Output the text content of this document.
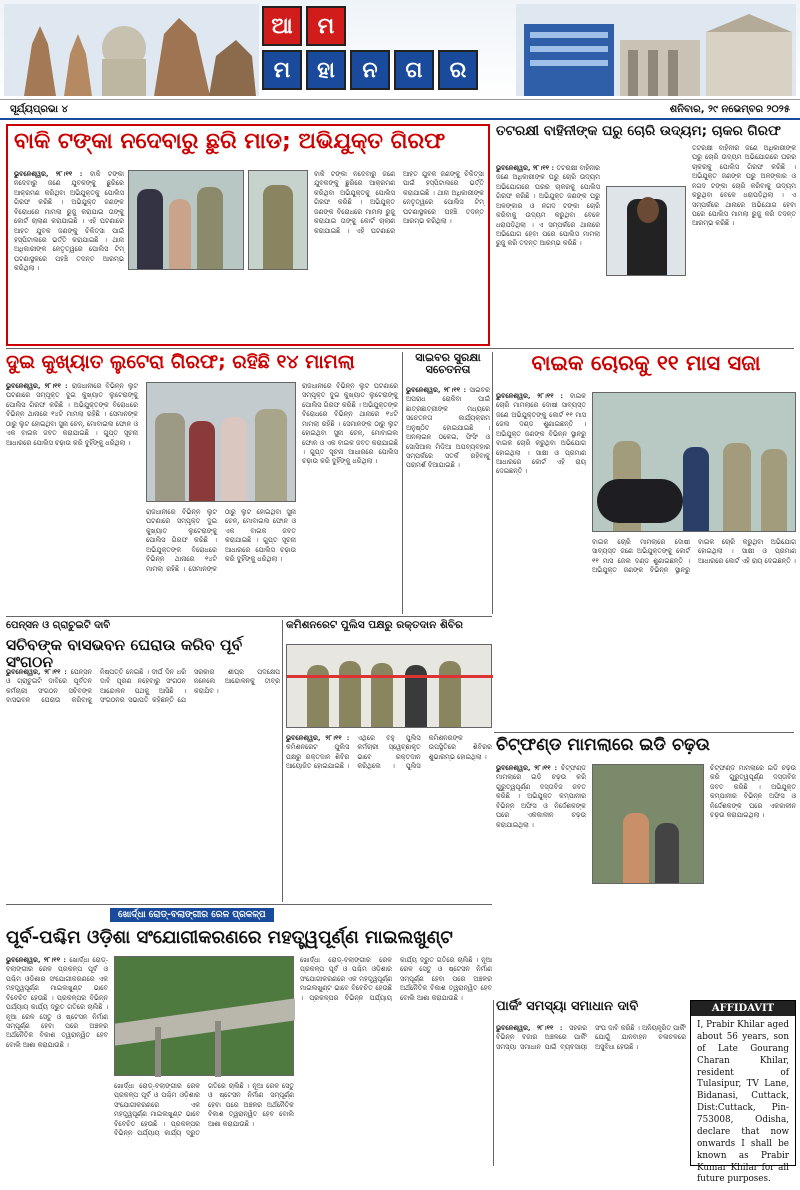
ଆ	ମ
ମ	ହା	ନ	ଗ	ର
ସୂର୍ଯ୍ୟପ୍ରଭା ୪	ଶନିବାର, ୨୯ ନଭେମ୍ବର ୨୦୨୫
ବାକି ଟଙ୍କା ନଦେବାରୁ ଛୁରି ମାଡ; ଅଭିଯୁକ୍ତ ଗିରଫ
ଭୁବନେଶ୍ୱର, ୨୮।୧୧ : ବାକି ଟଙ୍କା ନଦେବାରୁ ଜଣେ ଯୁବକଙ୍କୁ ଛୁରିରେ ଆକ୍ରମଣ କରିଥିବା ଅଭିଯୁକ୍ତକୁ ପୋଲିସ ଗିରଫ କରିଛି । ଅଭିଯୁକ୍ତ ଜଣଙ୍କ ବିରୋଧରେ ମାମଲା ରୁଜୁ କରାଯାଇ ତାଙ୍କୁ କୋର୍ଟ ଚାଲାଣ କରାଯାଇଛି । ଏହି ଘଟଣାରେ ଆହତ ଯୁବକ ଜଣଙ୍କୁ ଚିକିତ୍ସା ପାଇଁ ହସ୍ପିଟାଲରେ ଭର୍ତ୍ତି କରାଯାଇଛି । ଥାନା ଅଧିକାରୀଙ୍କ ନେତୃତ୍ୱରେ ପୋଲିସ ଟିମ୍ ଘଟଣାସ୍ଥଳରେ ପହଞ୍ଚି ତଦନ୍ତ ଆରମ୍ଭ କରିଥିଲା ।
ବାକି ଟଙ୍କା ନଦେବାରୁ ଜଣେ ଯୁବକଙ୍କୁ ଛୁରିରେ ଆକ୍ରମଣ କରିଥିବା ଅଭିଯୁକ୍ତକୁ ପୋଲିସ ଗିରଫ କରିଛି । ଅଭିଯୁକ୍ତ ଜଣଙ୍କ ବିରୋଧରେ ମାମଲା ରୁଜୁ କରାଯାଇ ତାଙ୍କୁ କୋର୍ଟ ଚାଲାଣ କରାଯାଇଛି । ଏହି ଘଟଣାରେ ଆହତ ଯୁବକ ଜଣଙ୍କୁ ଚିକିତ୍ସା ପାଇଁ ହସ୍ପିଟାଲରେ ଭର୍ତ୍ତି କରାଯାଇଛି । ଥାନା ଅଧିକାରୀଙ୍କ ନେତୃତ୍ୱରେ ପୋଲିସ ଟିମ୍ ଘଟଣାସ୍ଥଳରେ ପହଞ୍ଚି ତଦନ୍ତ ଆରମ୍ଭ କରିଥିଲା ।
ତଟରକ୍ଷୀ ବାହିନୀଙ୍କ ଘରୁ ଚୋରି ଉଦ୍ୟମ; ଚାକର ଗିରଫ
ଭୁବନେଶ୍ୱର, ୨୮।୧୧ : ତଟରକ୍ଷୀ ବାହିନୀର ଜଣେ ଅଧିକାରୀଙ୍କ ଘରୁ ଚୋରି ଉଦ୍ୟମ ଅଭିଯୋଗରେ ଘରର ଚାକରକୁ ପୋଲିସ ଗିରଫ କରିଛି । ଅଭିଯୁକ୍ତ ଜଣଙ୍କ ଘରୁ ଅଳଙ୍କାର ଓ ନଗଦ ଟଙ୍କା ଚୋରି କରିବାକୁ ଉଦ୍ୟମ କରୁଥିବା ବେଳେ ଧରାପଡ଼ିଥିଲା । ଏ ସମ୍ପର୍କରେ ଥାନାରେ ଅଭିଯୋଗ ହେବା ପରେ ପୋଲିସ ମାମଲା ରୁଜୁ କରି ତଦନ୍ତ ଆରମ୍ଭ କରିଛି ।
ତଟରକ୍ଷୀ ବାହିନୀର ଜଣେ ଅଧିକାରୀଙ୍କ ଘରୁ ଚୋରି ଉଦ୍ୟମ ଅଭିଯୋଗରେ ଘରର ଚାକରକୁ ପୋଲିସ ଗିରଫ କରିଛି । ଅଭିଯୁକ୍ତ ଜଣଙ୍କ ଘରୁ ଅଳଙ୍କାର ଓ ନଗଦ ଟଙ୍କା ଚୋରି କରିବାକୁ ଉଦ୍ୟମ କରୁଥିବା ବେଳେ ଧରାପଡ଼ିଥିଲା । ଏ ସମ୍ପର୍କରେ ଥାନାରେ ଅଭିଯୋଗ ହେବା ପରେ ପୋଲିସ ମାମଲା ରୁଜୁ କରି ତଦନ୍ତ ଆରମ୍ଭ କରିଛି ।
ଦୁଇ କୁଖ୍ୟାତ ଲୁଟେରା ଗିରଫ; ରହିଛି ୧୪ ମାମଲା
ଭୁବନେଶ୍ୱର, ୨୮।୧୧ : ରାଜଧାନୀରେ ବିଭିନ୍ନ ଲୁଟ ଘଟଣାରେ ସମ୍ପୃକ୍ତ ଦୁଇ କୁଖ୍ୟାତ ଲୁଟେରାଙ୍କୁ ପୋଲିସ ଗିରଫ କରିଛି । ଅଭିଯୁକ୍ତଙ୍କ ବିରୋଧରେ ବିଭିନ୍ନ ଥାନାରେ ୧୪ଟି ମାମଲା ରହିଛି । ସେମାନଙ୍କ ଠାରୁ ଲୁଟ ହୋଇଥିବା ସୁନା ଚେନ୍, ମୋବାଇଲ ଫୋନ ଓ ଏକ ବାଇକ ଜବତ କରାଯାଇଛି । ଗୁପ୍ତ ସୂଚନା ଆଧାରରେ ପୋଲିସ ଚଢ଼ାଉ କରି ଦୁହିଁଙ୍କୁ ଧରିଥିଲା ।
ରାଜଧାନୀରେ ବିଭିନ୍ନ ଲୁଟ ଘଟଣାରେ ସମ୍ପୃକ୍ତ ଦୁଇ କୁଖ୍ୟାତ ଲୁଟେରାଙ୍କୁ ପୋଲିସ ଗିରଫ କରିଛି । ଅଭିଯୁକ୍ତଙ୍କ ବିରୋଧରେ ବିଭିନ୍ନ ଥାନାରେ ୧୪ଟି ମାମଲା ରହିଛି । ସେମାନଙ୍କ ଠାରୁ ଲୁଟ ହୋଇଥିବା ସୁନା ଚେନ୍, ମୋବାଇଲ ଫୋନ ଓ ଏକ ବାଇକ ଜବତ କରାଯାଇଛି । ଗୁପ୍ତ ସୂଚନା ଆଧାରରେ ପୋଲିସ ଚଢ଼ାଉ କରି ଦୁହିଁଙ୍କୁ ଧରିଥିଲା ।
ରାଜଧାନୀରେ ବିଭିନ୍ନ ଲୁଟ ଘଟଣାରେ ସମ୍ପୃକ୍ତ ଦୁଇ କୁଖ୍ୟାତ ଲୁଟେରାଙ୍କୁ ପୋଲିସ ଗିରଫ କରିଛି । ଅଭିଯୁକ୍ତଙ୍କ ବିରୋଧରେ ବିଭିନ୍ନ ଥାନାରେ ୧୪ଟି ମାମଲା ରହିଛି । ସେମାନଙ୍କ ଠାରୁ ଲୁଟ ହୋଇଥିବା ସୁନା ଚେନ୍, ମୋବାଇଲ ଫୋନ ଓ ଏକ ବାଇକ ଜବତ କରାଯାଇଛି । ଗୁପ୍ତ ସୂଚନା ଆଧାରରେ ପୋଲିସ ଚଢ଼ାଉ କରି ଦୁହିଁଙ୍କୁ ଧରିଥିଲା ।
ସାଇବର ସୁରକ୍ଷା ସଚେତନତା
ଭୁବନେଶ୍ୱର, ୨୮।୧୧ : ସାଇବର ଅପରାଧ ରୋକିବା ପାଇଁ ଛାତ୍ରଛାତ୍ରୀଙ୍କ ମଧ୍ୟରେ ସଚେତନତା କାର୍ଯ୍ୟକ୍ରମ ଅନୁଷ୍ଠିତ ହୋଇଯାଇଛି । ଅନଲାଇନ ଠକେଇ, ଫିସିଂ ଓ ସୋସିଆଲ ମିଡିଆ ଅପବ୍ୟବହାର ସମ୍ପର୍କରେ ସତର୍କ ରହିବାକୁ ପରାମର୍ଶ ଦିଆଯାଇଛି ।
ବାଇକ ଚୋରକୁ ୧୧ ମାସ ସଜା
ଭୁବନେଶ୍ୱର, ୨୮।୧୧ : ବାଇକ ଚୋରି ମାମଲାରେ ଦୋଷୀ ସାବ୍ୟସ୍ତ ଜଣେ ଅଭିଯୁକ୍ତଙ୍କୁ କୋର୍ଟ ୧୧ ମାସ ଜେଲ ଦଣ୍ଡ ଶୁଣାଇଛନ୍ତି । ଅଭିଯୁକ୍ତ ଜଣଙ୍କ ବିଭିନ୍ନ ସ୍ଥାନରୁ ବାଇକ ଚୋରି କରୁଥିବା ଅଭିଯୋଗ ହୋଇଥିଲା । ସାକ୍ଷୀ ଓ ପ୍ରମାଣ ଆଧାରରେ କୋର୍ଟ ଏହି ରାୟ ଦେଇଛନ୍ତି ।
ବାଇକ ଚୋରି ମାମଲାରେ ଦୋଷୀ ସାବ୍ୟସ୍ତ ଜଣେ ଅଭିଯୁକ୍ତଙ୍କୁ କୋର୍ଟ ୧୧ ମାସ ଜେଲ ଦଣ୍ଡ ଶୁଣାଇଛନ୍ତି । ଅଭିଯୁକ୍ତ ଜଣଙ୍କ ବିଭିନ୍ନ ସ୍ଥାନରୁ ବାଇକ ଚୋରି କରୁଥିବା ଅଭିଯୋଗ ହୋଇଥିଲା । ସାକ୍ଷୀ ଓ ପ୍ରମାଣ ଆଧାରରେ କୋର୍ଟ ଏହି ରାୟ ଦେଇଛନ୍ତି ।
ପେନ୍ସନ ଓ ଗ୍ରାଚୁଇଟି ଦାବି
ସଚିବଙ୍କ ବାସଭବନ ଘେରାଉ କରିବ ପୂର୍ବ ସଂଗଠନ
ଭୁବନେଶ୍ୱର, ୨୮।୧୧ : ପେନ୍ସନ ଓ ଗ୍ରାଚୁଇଟି ଦାବିରେ ପୂର୍ବତନ କର୍ମଚାରୀ ସଂଗଠନ ସଚିବଙ୍କ ବାସଭବନ ଘେରାଉ କରିବାକୁ ନିଷ୍ପତ୍ତି ନେଇଛି । ଦୀର୍ଘ ଦିନ ଧରି ଦାବି ପୂରଣ ନହେବାରୁ ସଂଗଠନ ଆନ୍ଦୋଳନ ପଥକୁ ଆସିଛି । ସଂଗଠନର ସଭାପତି କହିଛନ୍ତି ଯେ ସରକାର ଶୀଘ୍ର ପଦକ୍ଷେପ ନନେଲେ ଆନ୍ଦୋଳନକୁ ତୀବ୍ର କରାଯିବ ।
କମିଶନରେଟ ପୁଲିସ ପକ୍ଷରୁ ରକ୍ତଦାନ ଶିବିର
ଭୁବନେଶ୍ୱର, ୨୮।୧୧ : କମିଶନରେଟ ପୁଲିସ ପକ୍ଷରୁ ରକ୍ତଦାନ ଶିବିର ଆୟୋଜିତ ହୋଇଯାଇଛି । ଏଥିରେ ବହୁ ପୁଲିସ କର୍ମଚାରୀ ସ୍ୱେଚ୍ଛାକୃତ ଭାବେ ରକ୍ତଦାନ କରିଥିଲେ । ପୁଲିସ କମିଶନରଙ୍କ ଉପସ୍ଥିତିରେ ଶିବିରର ଶୁଭାରମ୍ଭ ହୋଇଥିଲା ।
ଚିଟ୍‌ଫଣ୍ଡ ମାମଲାରେ ଇଡି ଚଢ଼ଉ
ଭୁବନେଶ୍ୱର, ୨୮।୧୧ : ଚିଟ୍‌ଫଣ୍ଡ ମାମଲାରେ ଇଡି ଚଢ଼ଉ କରି ଗୁରୁତ୍ୱପୂର୍ଣ୍ଣ ଦସ୍ତାବିଜ ଜବତ କରିଛି । ଅଭିଯୁକ୍ତ କମ୍ପାନୀର ବିଭିନ୍ନ ଅଫିସ ଓ ନିର୍ଦ୍ଦେଶକଙ୍କ ଘରେ ଏକକାଳୀନ ଚଢ଼ଉ କରାଯାଇଥିଲା ।
ଚିଟ୍‌ଫଣ୍ଡ ମାମଲାରେ ଇଡି ଚଢ଼ଉ କରି ଗୁରୁତ୍ୱପୂର୍ଣ୍ଣ ଦସ୍ତାବିଜ ଜବତ କରିଛି । ଅଭିଯୁକ୍ତ କମ୍ପାନୀର ବିଭିନ୍ନ ଅଫିସ ଓ ନିର୍ଦ୍ଦେଶକଙ୍କ ଘରେ ଏକକାଳୀନ ଚଢ଼ଉ କରାଯାଇଥିଲା ।
ଖୋର୍ଦ୍ଧା ରୋଡ୍-ବଲାଙ୍ଗୀର ରେଳ ପ୍ରକଳ୍ପ
ପୂର୍ବ-ପଶ୍ଚିମ ଓଡ଼ିଶା ସଂଯୋଗୀକରଣରେ ମହତ୍ତ୍ୱପୂର୍ଣ୍ଣ ମାଇଲଖୁଣ୍ଟ
ଭୁବନେଶ୍ୱର, ୨୮।୧୧ : ଖୋର୍ଦ୍ଧା ରୋଡ୍-ବଲାଙ୍ଗୀର ରେଳ ପ୍ରକଳ୍ପ ପୂର୍ବ ଓ ପଶ୍ଚିମ ଓଡ଼ିଶାର ସଂଯୋଗୀକରଣରେ ଏକ ମହତ୍ତ୍ୱପୂର୍ଣ୍ଣ ମାଇଲଖୁଣ୍ଟ ଭାବେ ବିବେଚିତ ହେଉଛି । ପ୍ରକଳ୍ପର ବିଭିନ୍ନ ପର୍ଯ୍ୟାୟ କାର୍ଯ୍ୟ ଦ୍ରୁତ ଗତିରେ ଚାଲିଛି । ନୂଆ ରେଳ ସେତୁ ଓ ଷ୍ଟେସନ ନିର୍ମାଣ ସମ୍ପୂର୍ଣ୍ଣ ହେବା ପରେ ଅଞ୍ଚଳର ଅର୍ଥନୈତିକ ବିକାଶ ତ୍ୱରାନ୍ୱିତ ହେବ ବୋଲି ଆଶା କରାଯାଉଛି ।
ଖୋର୍ଦ୍ଧା ରୋଡ୍-ବଲାଙ୍ଗୀର ରେଳ ପ୍ରକଳ୍ପ ପୂର୍ବ ଓ ପଶ୍ଚିମ ଓଡ଼ିଶାର ସଂଯୋଗୀକରଣରେ ଏକ ମହତ୍ତ୍ୱପୂର୍ଣ୍ଣ ମାଇଲଖୁଣ୍ଟ ଭାବେ ବିବେଚିତ ହେଉଛି । ପ୍ରକଳ୍ପର ବିଭିନ୍ନ ପର୍ଯ୍ୟାୟ କାର୍ଯ୍ୟ ଦ୍ରୁତ ଗତିରେ ଚାଲିଛି । ନୂଆ ରେଳ ସେତୁ ଓ ଷ୍ଟେସନ ନିର୍ମାଣ ସମ୍ପୂର୍ଣ୍ଣ ହେବା ପରେ ଅଞ୍ଚଳର ଅର୍ଥନୈତିକ ବିକାଶ ତ୍ୱରାନ୍ୱିତ ହେବ ବୋଲି ଆଶା କରାଯାଉଛି ।
ଖୋର୍ଦ୍ଧା ରୋଡ୍-ବଲାଙ୍ଗୀର ରେଳ ପ୍ରକଳ୍ପ ପୂର୍ବ ଓ ପଶ୍ଚିମ ଓଡ଼ିଶାର ସଂଯୋଗୀକରଣରେ ଏକ ମହତ୍ତ୍ୱପୂର୍ଣ୍ଣ ମାଇଲଖୁଣ୍ଟ ଭାବେ ବିବେଚିତ ହେଉଛି । ପ୍ରକଳ୍ପର ବିଭିନ୍ନ ପର୍ଯ୍ୟାୟ କାର୍ଯ୍ୟ ଦ୍ରୁତ ଗତିରେ ଚାଲିଛି । ନୂଆ ରେଳ ସେତୁ ଓ ଷ୍ଟେସନ ନିର୍ମାଣ ସମ୍ପୂର୍ଣ୍ଣ ହେବା ପରେ ଅଞ୍ଚଳର ଅର୍ଥନୈତିକ ବିକାଶ ତ୍ୱରାନ୍ୱିତ ହେବ ବୋଲି ଆଶା କରାଯାଉଛି ।
ପାର୍କିଂ ସମସ୍ୟା ସମାଧାନ ଦାବି
ଭୁବନେଶ୍ୱର, ୨୮।୧୧ : ସହରର ବିଭିନ୍ନ ବଜାର ଅଞ୍ଚଳରେ ପାର୍କିଂ ସମସ୍ୟା ସମାଧାନ ପାଇଁ ବ୍ୟବସାୟୀ ସଂଘ ଦାବି କରିଛି । ଅନିୟନ୍ତ୍ରିତ ପାର୍କିଂ ଯୋଗୁଁ ଯାନବାହନ ଚଳାଚଳରେ ଅସୁବିଧା ହେଉଛି ।
AFFIDAVIT
I, Prabir Khilar aged about 56 years, son of Late Gourang Charan Khilar, resident of Tulasipur, TV Lane, Bidanasi, Cuttack, Dist:Cuttack, Pin-753008, Odisha, declare that now onwards I shall be known as Prabir Kumar Khilar for all future purposes.
